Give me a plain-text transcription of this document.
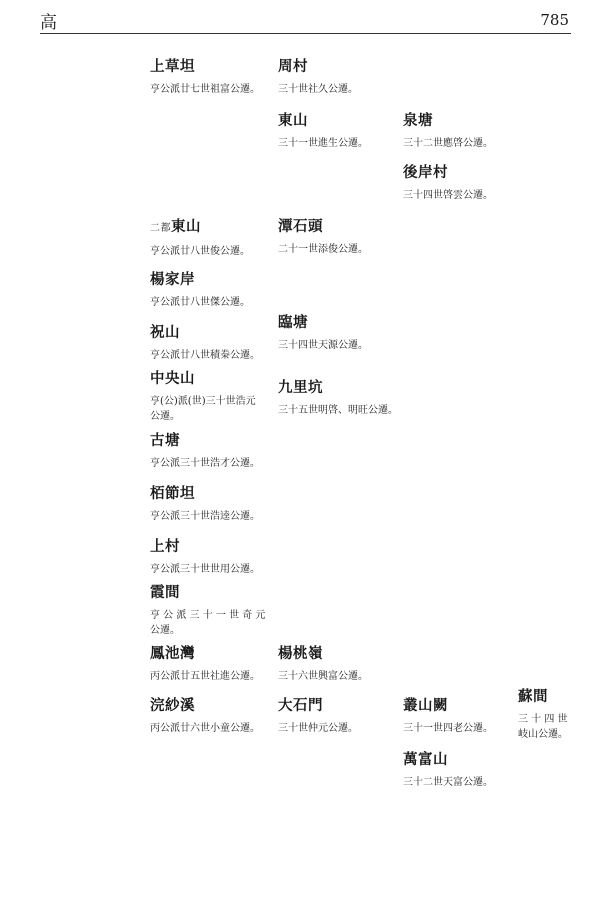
高	785
上草坦
亨公派廿七世祖富公遷。
二都東山
亨公派廿八世俊公遷。
楊家岸
亨公派廿八世傑公遷。
祝山
亨公派廿八世積桊公遷。
中央山
亨(公)派(世)三十世浩元
公遷。
古塘
亨公派三十世浩才公遷。
栢節坦
亨公派三十世浩逵公遷。
上村
亨公派三十世世用公遷。
霞間
亨 公 派 三 十 一 世 奇 元
公遷。
鳳池灣
丙公派廿五世社進公遷。
浣紗溪
丙公派廿六世小童公遷。
周村
三十世社久公遷。
東山
三十一世進生公遷。
潭石頭
二十一世添俊公遷。
臨塘
三十四世天源公遷。
九里坑
三十五世明啓、明旺公遷。
楊桃嶺
三十六世興富公遷。
大石門
三十世仲元公遷。
泉塘
三十二世應啓公遷。
後岸村
三十四世啓雲公遷。
叢山闕
三十一世四老公遷。
萬富山
三十二世天富公遷。
蘇間
三 十 四 世
岐山公遷。
